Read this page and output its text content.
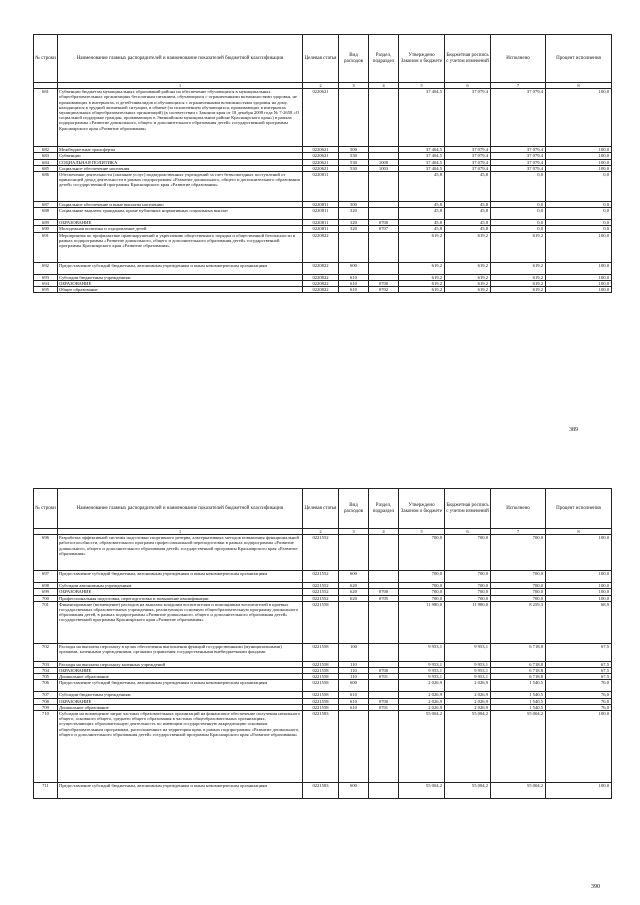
№ строки	Наименование главных распорядителей и наименование показателей бюджетной классификации	Целевая статья	Вид расходов	Раздел, подраздел	Утверждено Законом о бюджете	Бюджетная роспись с учетом изменений	Исполнено	Процент исполнения
	1	2	3	4	5	6	7	8
681	Субвенции бюджетам муниципальных образований района на обеспечение обучающихся в муниципальных общеобразовательных организациях бесплатным питанием, обучающихся с ограниченными возможностями здоровья, не проживающих в интернатах, и детей-инвалидов и обучающихся с ограниченными возможностями здоровья на дому, находящихся в трудной жизненной ситуации, в обмене (за исключением обучающихся, проживающих в интернатах муниципальных общеобразовательных организаций) (в соответствии с Законом края от 18 декабря 2008 года № 7-2658 «О социальной поддержке граждан, проживающих в Эвенкийском муниципальном районе Красноярского края») в рамках подпрограммы «Развитие дошкольного, общего и дополнительного образования детей» государственной программы Красноярского края «Развитие образования»	0220621			37 404,5	37 079,4	37 079,4	100,0
682	Межбюджетные трансферты	0220621	500		37 404,5	37 079,4	37 079,4	100,0
683	Субвенции	0220621	530		37 404,5	37 079,4	37 079,4	100,0
684	СОЦИАЛЬНАЯ ПОЛИТИКА	0220621	530	1000	37 404,5	37 079,4	37 079,4	100,0
685	Социальное обеспечение населения	0220621	530	1003	37 404,5	37 079,4	37 079,4	100,0
686	Обеспечение деятельности (оказание услуг) подведомственных учреждений за счет безвозмездных поступлений от приносящей доход деятельности в рамках подпрограммы «Развитие дошкольного, общего и дополнительного образования детей» государственной программы Красноярского края «Развитие образования»	0220811			45,8	45,8	0,0	0,0
687	Социальное обеспечение и иные выплаты населению	0220811	300		45,8	45,8	0,0	0,0
688	Социальные выплаты гражданам, кроме публичных нормативных социальных выплат	0220811	320		45,8	45,8	0,0	0,0
689	ОБРАЗОВАНИЕ	0220811	320	0700	45,8	45,8	0,0	0,0
690	Молодежная политика и оздоровление детей	0220811	320	0707	45,8	45,8	0,0	0,0
691	Мероприятия по профилактике правонарушений и укреплению общественного порядка и общественной безопасности в рамках подпрограммы «Развитие дошкольного, общего и дополнительного образования детей» государственной программы Красноярского края «Развитие образования»	0220822			619,2	619,2	619,2	100,0
692	Предоставление субсидий бюджетным, автономным учреждениям и иным некоммерческим организациям	0220822	600		619,2	619,2	619,2	100,0
693	Субсидии бюджетным учреждениям	0220822	610		619,2	619,2	619,2	100,0
694	ОБРАЗОВАНИЕ	0220822	610	0700	619,2	619,2	619,2	100,0
695	Общее образование	0220822	610	0702	619,2	619,2	619,2	100,0
389
№ строки	Наименование главных распорядителей и наименование показателей бюджетной классификации	Целевая статья	Вид расходов	Раздел, подраздел	Утверждено Законом о бюджете	Бюджетная роспись с учетом изменений	Исполнено	Процент исполнения
	1	2	3	4	5	6	7	8
696	Разработка эффективной системы подготовки спортивного резерва, альтернативных методов повышения функциональной работоспособности, образовательного программ профессиональной переподготовки в рамках подпрограммы «Развитие дошкольного, общего и дополнительного образования детей» государственной программы Красноярского края «Развитие образования»	0221552			700,0	700,0	700,0	100,0
697	Предоставление субсидий бюджетным, автономным учреждениям и иным некоммерческим организациям	0221552	600		700,0	700,0	700,0	100,0
698	Субсидии автономным учреждениям	0221552	620		700,0	700,0	700,0	100,0
699	ОБРАЗОВАНИЕ	0221552	620	0700	700,0	700,0	700,0	100,0
700	Профессиональная подготовка, переподготовка и повышение квалификации	0221552	620	0705	700,0	700,0	700,0	100,0
701	Финансирование (возмещение) расходов на выплаты младшим воспитателям и помощникам воспитателей в краевых государственных образовательных учреждениях, реализующих основную общеобразовательную программу дошкольного образования детей, в рамках подпрограммы «Развитие дошкольного, общего и дополнительного образования детей» государственной программы Красноярского края «Развитие образования»	0221558			11 980,0	11 980,0	8 259,3	68,9
702	Расходы на выплаты персоналу в целях обеспечения выполнения функций государственными (муниципальными) органами, казенными учреждениями, органами управления государственными внебюджетными фондами	0221558	100		9 953,1	9 953,1	6 718,8	67,5
703	Расходы на выплаты персоналу казенных учреждений	0221558	110		9 953,1	9 953,1	6 718,8	67,5
704	ОБРАЗОВАНИЕ	0221558	110	0700	9 953,1	9 953,1	6 718,8	67,5
705	Дошкольное образование	0221558	110	0701	9 953,1	9 953,1	6 718,8	67,5
706	Предоставление субсидий бюджетным, автономным учреждениям и иным некоммерческим организациям	0221558	600		2 026,9	2 026,9	1 540,5	76,0
707	Субсидии бюджетным учреждениям	0221558	610		2 026,9	2 026,9	1 540,5	76,0
708	ОБРАЗОВАНИЕ	0221558	610	0700	2 026,9	2 026,9	1 540,5	76,0
709	Дошкольное образование	0221558	610	0701	2 026,9	2 026,9	1 540,5	76,0
710	Субсидии на возмещение затрат частных образовательных организаций на финансовое обеспечение получения начального общего, основного общего, среднего общего образования в частных общеобразовательных организациях, осуществляющих образовательную деятельность по имеющим государственную аккредитацию основным общеобразовательным программам, расположенных на территории края, в рамках подпрограммы «Развитие дошкольного, общего и дополнительного образования детей» государственной программы Красноярского края «Развитие образования»	0221583			55 004,2	55 004,2	55 004,2	100,0
711	Предоставление субсидий бюджетным, автономным учреждениям и иным некоммерческим организациям	0221583	600		55 004,2	55 004,2	55 004,2	100,0
390
